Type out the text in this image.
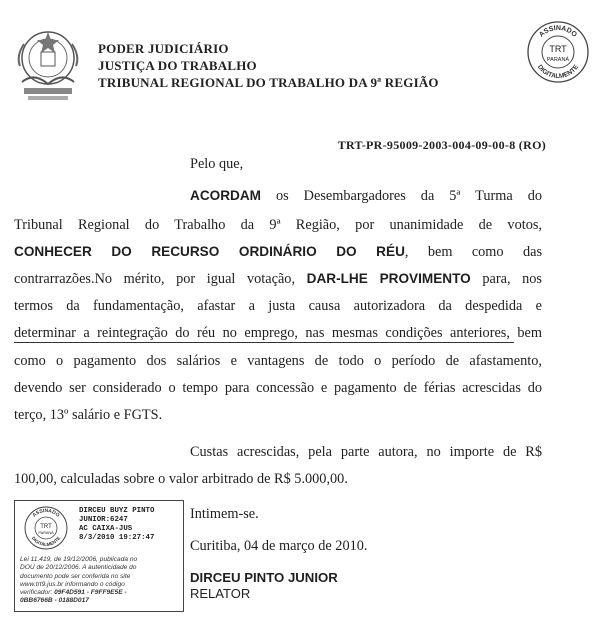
PODER JUDICIÁRIO
JUSTIÇA DO TRABALHO
TRIBUNAL REGIONAL DO TRABALHO DA 9ª REGIÃO
ASSINADO
DIGITALMENTE
TRT
PARANÁ
TRT-PR-95009-2003-004-09-00-8 (RO)
Pelo que,
ACORDAM os Desembargadores da 5ª Turma do
Tribunal Regional do Trabalho da 9ª Região, por unanimidade de votos,
CONHECER DO RECURSO ORDINÁRIO DO RÉU, bem como das
contrarrazões.No mérito, por igual votação, DAR-LHE PROVIMENTO para, nos
termos da fundamentação, afastar a justa causa autorizadora da despedida e
determinar a reintegração do réu no emprego, nas mesmas condições anteriores, bem
como o pagamento dos salários e vantagens de todo o período de afastamento,
devendo ser considerado o tempo para concessão e pagamento de férias acrescidas do
terço, 13º salário e FGTS.
Custas acrescidas, pela parte autora, no importe de R$
100,00, calculadas sobre o valor arbitrado de R$ 5.000,00.
Intimem-se.
Curitiba, 04 de março de 2010.
DIRCEU PINTO JUNIOR
RELATOR
ASSINADO
DIGITALMENTE
TRT
PARANÁ
DIRCEU BUYZ PINTO
JUNIOR:6247
AC CAIXA-JUS
8/3/2010 19:27:47
Lei 11.419, de 19/12/2006, publicada no
DOU de 20/12/2006. A autenticidade do
documento pode ser conferida no site
www.trt9.jus.br informando o código
verificador: 09F4D591 - F9FF9E5E -
0BB6766B - 0188D017
